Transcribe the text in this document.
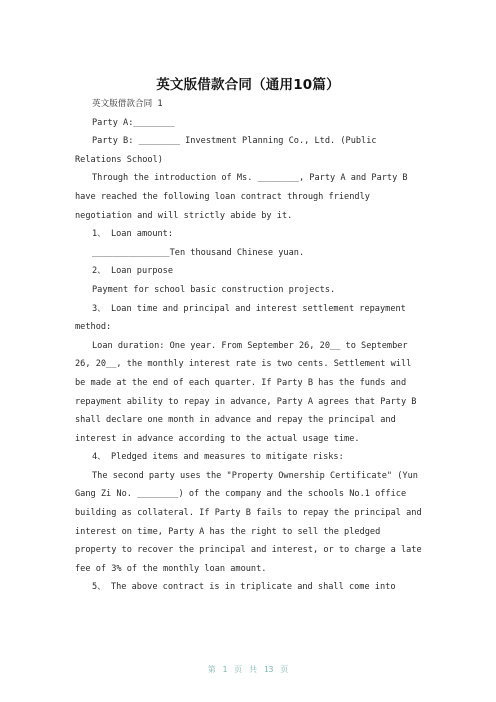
英文版借款合同（通用10篇）

英文版借款合同 1

Party A:________

Party B: ________ Investment Planning Co., Ltd. (Public Relations School)

Through the introduction of Ms. ________, Party A and Party B have reached the following loan contract through friendly negotiation and will strictly abide by it.

1、 Loan amount:

_______________Ten thousand Chinese yuan.

2、 Loan purpose

Payment for school basic construction projects.

3、 Loan time and principal and interest settlement repayment method:

Loan duration: One year. From September 26, 20__ to September 26, 20__, the monthly interest rate is two cents. Settlement will be made at the end of each quarter. If Party B has the funds and repayment ability to repay in advance, Party A agrees that Party B shall declare one month in advance and repay the principal and interest in advance according to the actual usage time.

4、 Pledged items and measures to mitigate risks:

The second party uses the "Property Ownership Certificate" (Yun Gang Zi No. ________) of the company and the schools No.1 office building as collateral. If Party B fails to repay the principal and interest on time, Party A has the right to sell the pledged property to recover the principal and interest, or to charge a late fee of 3% of the monthly loan amount.

5、 The above contract is in triplicate and shall come into

第 1 页 共 13 页
